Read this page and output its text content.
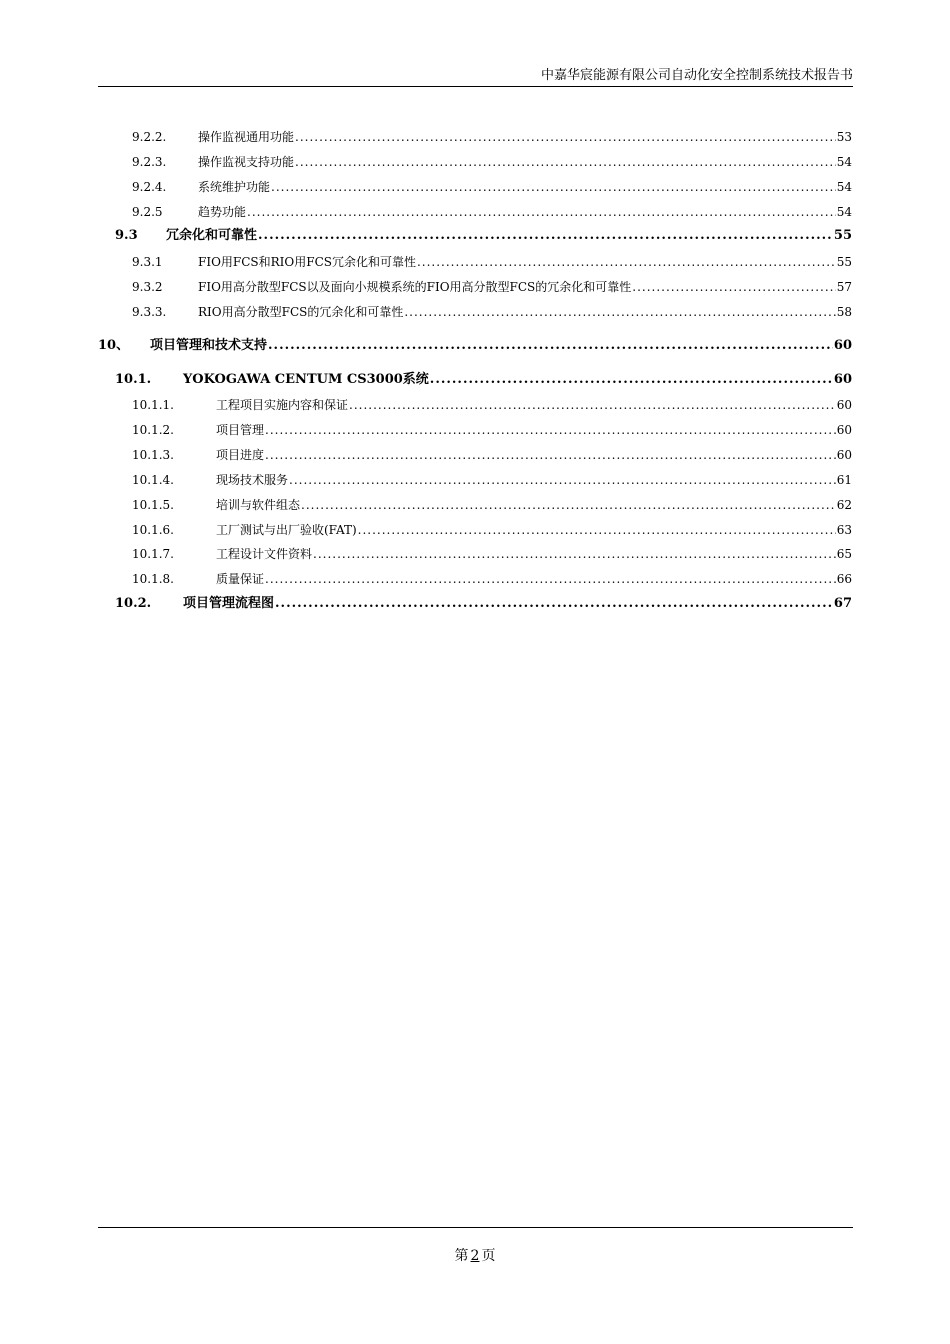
中嘉华宸能源有限公司自动化安全控制系统技术报告书
9.2.2.	操作监视通用功能 .....	53
9.2.3.	操作监视支持功能 .....	54
9.2.4.	系统维护功能 .....	54
9.2.5	趋势功能 .....	54
9.3	冗余化和可靠性 .....	55
9.3.1	FIO用FCS和RIO用FCS冗余化和可靠性 .....	55
9.3.2	FIO用高分散型FCS以及面向小规模系统的FIO用高分散型FCS的冗余化和可靠性 .....	57
9.3.3.	RIO用高分散型FCS的冗余化和可靠性 .....	58
10、	项目管理和技术支持 .....	60
10.1.	YOKOGAWA CENTUM CS3000系统 .....	60
10.1.1.	工程项目实施内容和保证 .....	60
10.1.2.	项目管理 .....	60
10.1.3.	项目进度 .....	60
10.1.4.	现场技术服务 .....	61
10.1.5.	培训与软件组态 .....	62
10.1.6.	工厂测试与出厂验收(FAT) .....	63
10.1.7.	工程设计文件资料 .....	65
10.1.8.	质量保证 .....	66
10.2.	项目管理流程图 .....	67
第 2 页
